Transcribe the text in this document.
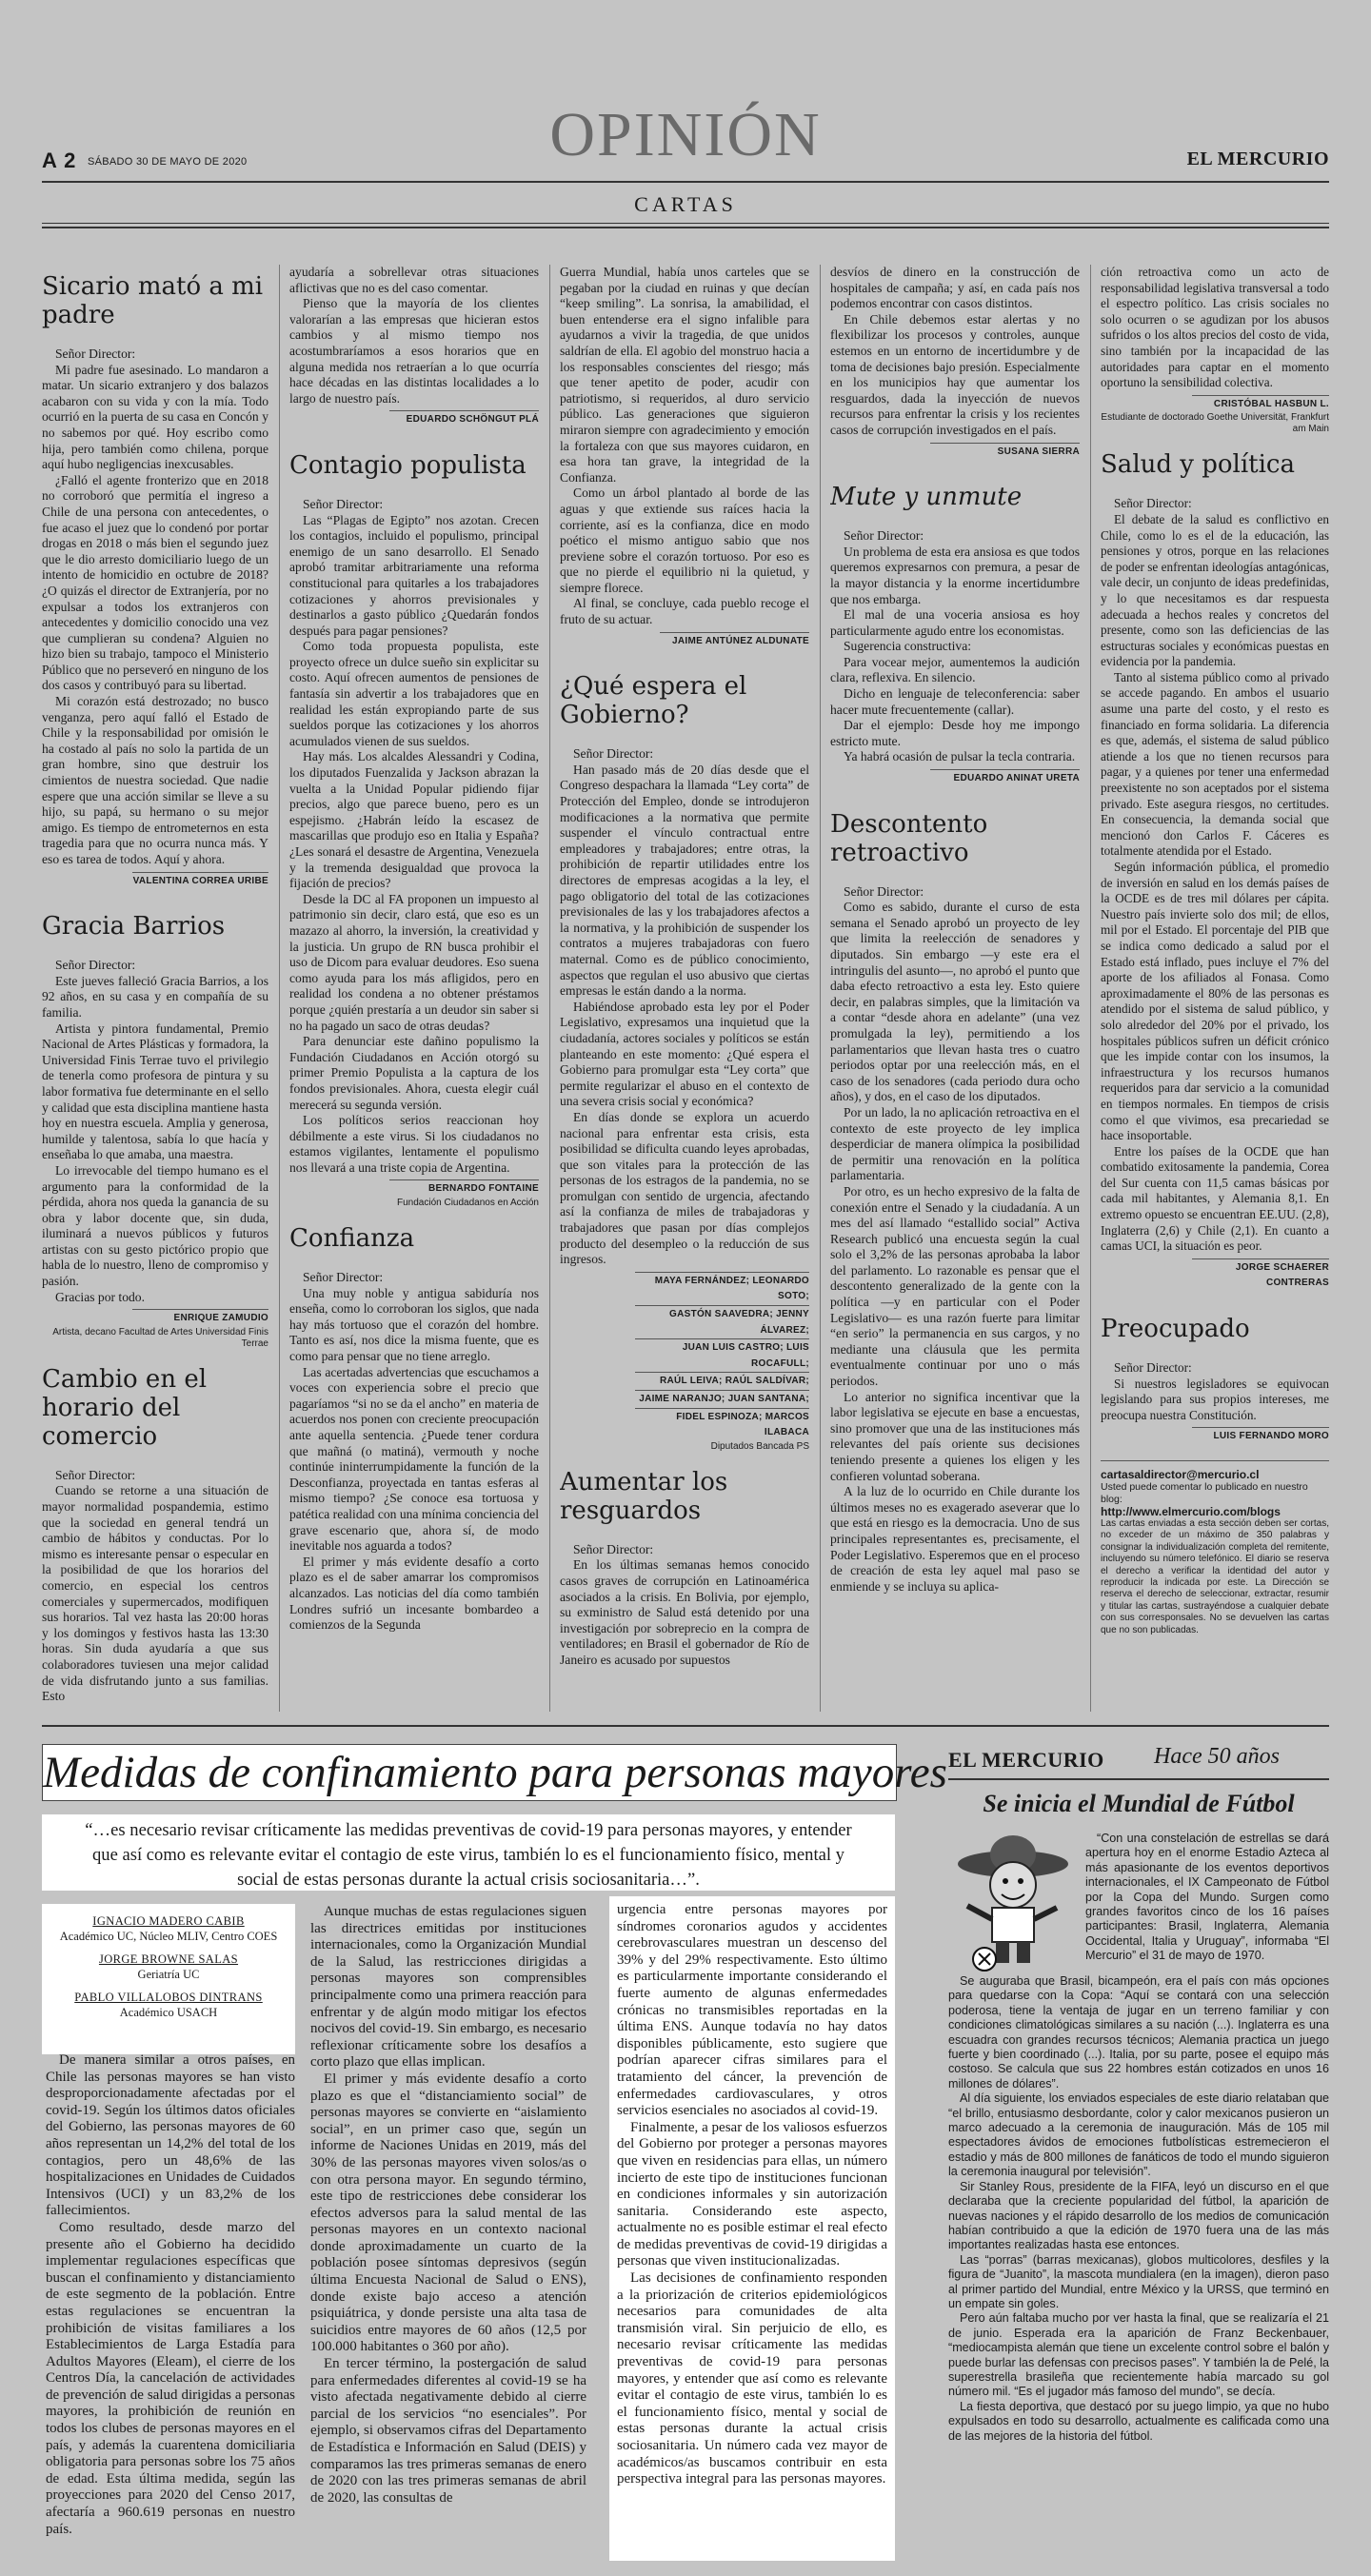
A 2 SÁBADO 30 DE MAYO DE 2020	OPINIÓN	EL MERCURIO
CARTAS
Sicario mató a mi padre

Señor Director:

Mi padre fue asesinado. Lo mandaron a matar. Un sicario extranjero y dos balazos acabaron con su vida y con la mía. Todo ocurrió en la puerta de su casa en Concón y no sabemos por qué. Hoy escribo como hija, pero también como chilena, porque aquí hubo negligencias inexcusables.

¿Falló el agente fronterizo que en 2018 no corroboró que permitía el ingreso a Chile de una persona con antecedentes, o fue acaso el juez que lo condenó por portar drogas en 2018 o más bien el segundo juez que le dio arresto domiciliario luego de un intento de homicidio en octubre de 2018? ¿O quizás el director de Extranjería, por no expulsar a todos los extranjeros con antecedentes y domicilio conocido una vez que cumplieran su condena? Alguien no hizo bien su trabajo, tampoco el Ministerio Público que no perseveró en ninguno de los dos casos y contribuyó para su libertad.

Mi corazón está destrozado; no busco venganza, pero aquí falló el Estado de Chile y la responsabilidad por omisión le ha costado al país no solo la partida de un gran hombre, sino que destruir los cimientos de nuestra sociedad. Que nadie espere que una acción similar se lleve a su hijo, su papá, su hermano o su mejor amigo. Es tiempo de entrometernos en esta tragedia para que no ocurra nunca más. Y eso es tarea de todos. Aquí y ahora.

VALENTINA CORREA URIBE

Gracia Barrios

Señor Director:

Este jueves falleció Gracia Barrios, a los 92 años, en su casa y en compañía de su familia.

Artista y pintora fundamental, Premio Nacional de Artes Plásticas y formadora, la Universidad Finis Terrae tuvo el privilegio de tenerla como profesora de pintura y su labor formativa fue determinante en el sello y calidad que esta disciplina mantiene hasta hoy en nuestra escuela. Amplia y generosa, humilde y talentosa, sabía lo que hacía y enseñaba lo que amaba, una maestra.

Lo irrevocable del tiempo humano es el argumento para la conformidad de la pérdida, ahora nos queda la ganancia de su obra y labor docente que, sin duda, iluminará a nuevos públicos y futuros artistas con su gesto pictórico propio que habla de lo nuestro, lleno de compromiso y pasión.

Gracias por todo.

ENRIQUE ZAMUDIO

Artista, decano Facultad de Artes Universidad Finis Terrae

Cambio en el horario del comercio

Señor Director:

Cuando se retorne a una situación de mayor normalidad pospandemia, estimo que la sociedad en general tendrá un cambio de hábitos y conductas. Por lo mismo es interesante pensar o especular en la posibilidad de que los horarios del comercio, en especial los centros comerciales y supermercados, modifiquen sus horarios. Tal vez hasta las 20:00 horas y los domingos y festivos hasta las 13:30 horas. Sin duda ayudaría a que sus colaboradores tuviesen una mejor calidad de vida disfrutando junto a sus familias. Esto

ayudaría a sobrellevar otras situaciones aflictivas que no es del caso comentar.

Pienso que la mayoría de los clientes valorarían a las empresas que hicieran estos cambios y al mismo tiempo nos acostumbraríamos a esos horarios que en alguna medida nos retraerían a lo que ocurría hace décadas en las distintas localidades a lo largo de nuestro país.

EDUARDO SCHÖNGUT PLÁ

Contagio populista

Señor Director:

Las “Plagas de Egipto” nos azotan. Crecen los contagios, incluido el populismo, principal enemigo de un sano desarrollo. El Senado aprobó tramitar arbitrariamente una reforma constitucional para quitarles a los trabajadores cotizaciones y ahorros previsionales y destinarlos a gasto público ¿Quedarán fondos después para pagar pensiones?

Como toda propuesta populista, este proyecto ofrece un dulce sueño sin explicitar su costo. Aquí ofrecen aumentos de pensiones de fantasía sin advertir a los trabajadores que en realidad les están expropiando parte de sus sueldos porque las cotizaciones y los ahorros acumulados vienen de sus sueldos.

Hay más. Los alcaldes Alessandri y Codina, los diputados Fuenzalida y Jackson abrazan la vuelta a la Unidad Popular pidiendo fijar precios, algo que parece bueno, pero es un espejismo. ¿Habrán leído la escasez de mascarillas que produjo eso en Italia y España? ¿Les sonará el desastre de Argentina, Venezuela y la tremenda desigualdad que provoca la fijación de precios?

Desde la DC al FA proponen un impuesto al patrimonio sin decir, claro está, que eso es un mazazo al ahorro, la inversión, la creatividad y la justicia. Un grupo de RN busca prohibir el uso de Dicom para evaluar deudores. Eso suena como ayuda para los más afligidos, pero en realidad los condena a no obtener préstamos porque ¿quién prestaría a un deudor sin saber si no ha pagado un saco de otras deudas?

Para denunciar este dañino populismo la Fundación Ciudadanos en Acción otorgó su primer Premio Populista a la captura de los fondos previsionales. Ahora, cuesta elegir cuál merecerá su segunda versión.

Los políticos serios reaccionan hoy débilmente a este virus. Si los ciudadanos no estamos vigilantes, lentamente el populismo nos llevará a una triste copia de Argentina.

BERNARDO FONTAINE

Fundación Ciudadanos en Acción

Confianza

Señor Director:

Una muy noble y antigua sabiduría nos enseña, como lo corroboran los siglos, que nada hay más tortuoso que el corazón del hombre. Tanto es así, nos dice la misma fuente, que es como para pensar que no tiene arreglo.

Las acertadas advertencias que escuchamos a voces con experiencia sobre el precio que pagaríamos “si no se da el ancho” en materia de acuerdos nos ponen con creciente preocupación ante aquella sentencia. ¿Puede tener cordura que mañná (o matiná), vermouth y noche continúe ininterrumpidamente la función de la Desconfianza, proyectada en tantas esferas al mismo tiempo? ¿Se conoce esa tortuosa y patética realidad con una mínima conciencia del grave escenario que, ahora sí, de modo inevitable nos aguarda a todos?

El primer y más evidente desafío a corto plazo es el de saber amarrar los compromisos alcanzados. Las noticias del día como también Londres sufrió un incesante bombardeo a comienzos de la Segunda

Guerra Mundial, había unos carteles que se pegaban por la ciudad en ruinas y que decían “keep smiling”. La sonrisa, la amabilidad, el buen entenderse era el signo infalible para ayudarnos a vivir la tragedia, de que unidos saldrían de ella. El agobio del monstruo hacia a los responsables conscientes del riesgo; más que tener apetito de poder, acudir con patriotismo, si requeridos, al duro servicio público. Las generaciones que siguieron miraron siempre con agradecimiento y emoción la fortaleza con que sus mayores cuidaron, en esa hora tan grave, la integridad de la Confianza.

Como un árbol plantado al borde de las aguas y que extiende sus raíces hacia la corriente, así es la confianza, dice en modo poético el mismo antiguo sabio que nos previene sobre el corazón tortuoso. Por eso es que no pierde el equilibrio ni la quietud, y siempre florece.

Al final, se concluye, cada pueblo recoge el fruto de su actuar.

JAIME ANTÚNEZ ALDUNATE

¿Qué espera el Gobierno?

Señor Director:

Han pasado más de 20 días desde que el Congreso despachara la llamada “Ley corta” de Protección del Empleo, donde se introdujeron modificaciones a la normativa que permite suspender el vínculo contractual entre empleadores y trabajadores; entre otras, la prohibición de repartir utilidades entre los directores de empresas acogidas a la ley, el pago obligatorio del total de las cotizaciones previsionales de las y los trabajadores afectos a la normativa, y la prohibición de suspender los contratos a mujeres trabajadoras con fuero maternal. Como es de público conocimiento, aspectos que regulan el uso abusivo que ciertas empresas le están dando a la norma.

Habiéndose aprobado esta ley por el Poder Legislativo, expresamos una inquietud que la ciudadanía, actores sociales y políticos se están planteando en este momento: ¿Qué espera el Gobierno para promulgar esta “Ley corta” que permite regularizar el abuso en el contexto de una severa crisis social y económica?

En días donde se explora un acuerdo nacional para enfrentar esta crisis, esta posibilidad se dificulta cuando leyes aprobadas, que son vitales para la protección de las personas de los estragos de la pandemia, no se promulgan con sentido de urgencia, afectando así la confianza de miles de trabajadoras y trabajadores que pasan por días complejos producto del desempleo o la reducción de sus ingresos.

MAYA FERNÁNDEZ; LEONARDO SOTO;

GASTÓN SAAVEDRA; JENNY ÁLVAREZ;

JUAN LUIS CASTRO; LUIS ROCAFULL;

RAÚL LEIVA; RAÚL SALDÍVAR;

JAIME NARANJO; JUAN SANTANA;

FIDEL ESPINOZA; MARCOS ILABACA

Diputados Bancada PS

Aumentar los resguardos

Señor Director:

En los últimas semanas hemos conocido casos graves de corrupción en Latinoamérica asociados a la crisis. En Bolivia, por ejemplo, su exministro de Salud está detenido por una investigación por sobreprecio en la compra de ventiladores; en Brasil el gobernador de Río de Janeiro es acusado por supuestos

desvíos de dinero en la construcción de hospitales de campaña; y así, en cada país nos podemos encontrar con casos distintos.

En Chile debemos estar alertas y no flexibilizar los procesos y controles, aunque estemos en un entorno de incertidumbre y de toma de decisiones bajo presión. Especialmente en los municipios hay que aumentar los resguardos, dada la inyección de nuevos recursos para enfrentar la crisis y los recientes casos de corrupción investigados en el país.

SUSANA SIERRA

Mute y unmute

Señor Director:

Un problema de esta era ansiosa es que todos queremos expresarnos con premura, a pesar de la mayor distancia y la enorme incertidumbre que nos embarga.

El mal de una voceria ansiosa es hoy particularmente agudo entre los economistas.

Sugerencia constructiva:

Para vocear mejor, aumentemos la audición clara, reflexiva. En silencio.

Dicho en lenguaje de teleconferencia: saber hacer mute frecuentemente (callar).

Dar el ejemplo: Desde hoy me impongo estricto mute.

Ya habrá ocasión de pulsar la tecla contraria.

EDUARDO ANINAT URETA

Descontento retroactivo

Señor Director:

Como es sabido, durante el curso de esta semana el Senado aprobó un proyecto de ley que limita la reelección de senadores y diputados. Sin embargo —y este era el intringulis del asunto—, no aprobó el punto que daba efecto retroactivo a esta ley. Esto quiere decir, en palabras simples, que la limitación va a contar “desde ahora en adelante” (una vez promulgada la ley), permitiendo a los parlamentarios que llevan hasta tres o cuatro periodos optar por una reelección más, en el caso de los senadores (cada periodo dura ocho años), y dos, en el caso de los diputados.

Por un lado, la no aplicación retroactiva en el contexto de este proyecto de ley implica desperdiciar de manera olímpica la posibilidad de permitir una renovación en la política parlamentaria.

Por otro, es un hecho expresivo de la falta de conexión entre el Senado y la ciudadanía. A un mes del así llamado “estallido social” Activa Research publicó una encuesta según la cual solo el 3,2% de las personas aprobaba la labor del parlamento. Lo razonable es pensar que el descontento generalizado de la gente con la política —y en particular con el Poder Legislativo— es una razón fuerte para limitar “en serio” la permanencia en sus cargos, y no mediante una cláusula que les permita eventualmente continuar por uno o más periodos.

Lo anterior no significa incentivar que la labor legislativa se ejecute en base a encuestas, sino promover que una de las instituciones más relevantes del país oriente sus decisiones teniendo presente a quienes los eligen y les confieren voluntad soberana.

A la luz de lo ocurrido en Chile durante los últimos meses no es exagerado aseverar que lo que está en riesgo es la democracia. Uno de sus principales representantes es, precisamente, el Poder Legislativo. Esperemos que en el proceso de creación de esta ley aquel mal paso se enmiende y se incluya su aplica-

ción retroactiva como un acto de responsabilidad legislativa transversal a todo el espectro político. Las crisis sociales no solo ocurren o se agudizan por los abusos sufridos o los altos precios del costo de vida, sino también por la incapacidad de las autoridades para captar en el momento oportuno la sensibilidad colectiva.

CRISTÓBAL HASBUN L.

Estudiante de doctorado Goethe Universität, Frankfurt am Main

Salud y política

Señor Director:

El debate de la salud es conflictivo en Chile, como lo es el de la educación, las pensiones y otros, porque en las relaciones de poder se enfrentan ideologías antagónicas, vale decir, un conjunto de ideas predefinidas, y lo que necesitamos es dar respuesta adecuada a hechos reales y concretos del presente, como son las deficiencias de las estructuras sociales y económicas puestas en evidencia por la pandemia.

Tanto al sistema público como al privado se accede pagando. En ambos el usuario asume una parte del costo, y el resto es financiado en forma solidaria. La diferencia es que, además, el sistema de salud público atiende a los que no tienen recursos para pagar, y a quienes por tener una enfermedad preexistente no son aceptados por el sistema privado. Este asegura riesgos, no certitudes. En consecuencia, la demanda social que mencionó don Carlos F. Cáceres es totalmente atendida por el Estado.

Según información pública, el promedio de inversión en salud en los demás países de la OCDE es de tres mil dólares per cápita. Nuestro país invierte solo dos mil; de ellos, mil por el Estado. El porcentaje del PIB que se indica como dedicado a salud por el Estado está inflado, pues incluye el 7% del aporte de los afiliados al Fonasa. Como aproximadamente el 80% de las personas es atendido por el sistema de salud público, y solo alrededor del 20% por el privado, los hospitales públicos sufren un déficit crónico que les impide contar con los insumos, la infraestructura y los recursos humanos requeridos para dar servicio a la comunidad en tiempos normales. En tiempos de crisis como el que vivimos, esa precariedad se hace insoportable.

Entre los países de la OCDE que han combatido exitosamente la pandemia, Corea del Sur cuenta con 11,5 camas básicas por cada mil habitantes, y Alemania 8,1. En extremo opuesto se encuentran EE.UU. (2,8), Inglaterra (2,6) y Chile (2,1). En cuanto a camas UCI, la situación es peor.

JORGE SCHAERER CONTRERAS

Preocupado

Señor Director:

Si nuestros legisladores se equivocan legislando para sus propios intereses, me preocupa nuestra Constitución.

LUIS FERNANDO MORO

cartasaldirector@mercurio.cl
Usted puede comentar lo publicado en nuestro blog:
http://www.elmercurio.com/blogs
Las cartas enviadas a esta sección deben ser cortas, no exceder de un máximo de 350 palabras y consignar la individualización completa del remitente, incluyendo su número telefónico. El diario se reserva el derecho a verificar la identidad del autor y reproducir la indicada por este. La Dirección se reserva el derecho de seleccionar, extractar, resumir y titular las cartas, sustrayéndose a cualquier debate con sus corresponsales. No se devuelven las cartas que no son publicadas.
Medidas de confinamiento para personas mayores
“…es necesario revisar críticamente las medidas preventivas de covid-19 para personas mayores, y entender que así como es relevante evitar el contagio de este virus, también lo es el funcionamiento físico, mental y social de estas personas durante la actual crisis sociosanitaria…”.
IGNACIO MADERO CABIB
Académico UC, Núcleo MLIV, Centro COES
JORGE BROWNE SALAS
Geriatría UC
PABLO VILLALOBOS DINTRANS
Académico USACH

De manera similar a otros países, en Chile las personas mayores se han visto desproporcionadamente afectadas por el covid-19. Según los últimos datos oficiales del Gobierno, las personas mayores de 60 años representan un 14,2% del total de los contagios, pero un 48,6% de las hospitalizaciones en Unidades de Cuidados Intensivos (UCI) y un 83,2% de los fallecimientos.

Como resultado, desde marzo del presente año el Gobierno ha decidido implementar regulaciones específicas que buscan el confinamiento y distanciamiento de este segmento de la población. Entre estas regulaciones se encuentran la prohibición de visitas familiares a los Establecimientos de Larga Estadía para Adultos Mayores (Eleam), el cierre de los Centros Día, la cancelación de actividades de prevención de salud dirigidas a personas mayores, la prohibición de reunión en todos los clubes de personas mayores en el país, y además la cuarentena domiciliaria obligatoria para personas sobre los 75 años de edad. Esta última medida, según las proyecciones para 2020 del Censo 2017, afectaría a 960.619 personas en nuestro país.

Aunque muchas de estas regulaciones siguen las directrices emitidas por instituciones internacionales, como la Organización Mundial de la Salud, las restricciones dirigidas a personas mayores son comprensibles principalmente como una primera reacción para enfrentar y de algún modo mitigar los efectos nocivos del covid-19. Sin embargo, es necesario reflexionar críticamente sobre los desafíos a corto plazo que ellas implican.

El primer y más evidente desafío a corto plazo es que el “distanciamiento social” de personas mayores se convierte en “aislamiento social”, en un primer caso que, según un informe de Naciones Unidas en 2019, más del 30% de las personas mayores viven solos/as o con otra persona mayor. En segundo término, este tipo de restricciones debe considerar los efectos adversos para la salud mental de las personas mayores en un contexto nacional donde aproximadamente un cuarto de la población posee síntomas depresivos (según última Encuesta Nacional de Salud o ENS), donde existe bajo acceso a atención psiquiátrica, y donde persiste una alta tasa de suicidios entre mayores de 60 años (12,5 por 100.000 habitantes o 360 por año).

En tercer término, la postergación de salud para enfermedades diferentes al covid-19 se ha visto afectada negativamente debido al cierre parcial de los servicios “no esenciales”. Por ejemplo, si observamos cifras del Departamento de Estadística e Información en Salud (DEIS) y comparamos las tres primeras semanas de enero de 2020 con las tres primeras semanas de abril de 2020, las consultas de

urgencia entre personas mayores por síndromes coronarios agudos y accidentes cerebrovasculares muestran un descenso del 39% y del 29% respectivamente. Esto último es particularmente importante considerando el fuerte aumento de algunas enfermedades crónicas no transmisibles reportadas en la última ENS. Aunque todavía no hay datos disponibles públicamente, esto sugiere que podrían aparecer cifras similares para el tratamiento del cáncer, la prevención de enfermedades cardiovasculares, y otros servicios esenciales no asociados al covid-19.

Finalmente, a pesar de los valiosos esfuerzos del Gobierno por proteger a personas mayores que viven en residencias para ellas, un número incierto de este tipo de instituciones funcionan en condiciones informales y sin autorización sanitaria. Considerando este aspecto, actualmente no es posible estimar el real efecto de medidas preventivas de covid-19 dirigidas a personas que viven institucionalizadas.

Las decisiones de confinamiento responden a la priorización de criterios epidemiológicos necesarios para comunidades de alta transmisión viral. Sin perjuicio de ello, es necesario revisar críticamente las medidas preventivas de covid-19 para personas mayores, y entender que así como es relevante evitar el contagio de este virus, también lo es el funcionamiento físico, mental y social de estas personas durante la actual crisis sociosanitaria. Un número cada vez mayor de académicos/as buscamos contribuir en esta perspectiva integral para las personas mayores.

EL MERCURIO Hace 50 años
Se inicia el Mundial de Fútbol

“Con una constelación de estrellas se dará apertura hoy en el enorme Estadio Azteca al más apasionante de los eventos deportivos internacionales, el IX Campeonato de Fútbol por la Copa del Mundo. Surgen como grandes favoritos cinco de los 16 países participantes: Brasil, Inglaterra, Alemania Occidental, Italia y Uruguay”, informaba “El Mercurio” el 31 de mayo de 1970.

Se auguraba que Brasil, bicampeón, era el país con más opciones para quedarse con la Copa: “Aquí se contará con una selección poderosa, tiene la ventaja de jugar en un terreno familiar y con condiciones climatológicas similares a su nación (...). Inglaterra es una escuadra con grandes recursos técnicos; Alemania practica un juego fuerte y bien coordinado (...). Italia, por su parte, posee el equipo más costoso. Se calcula que sus 22 hombres están cotizados en unos 16 millones de dólares”.

Al día siguiente, los enviados especiales de este diario relataban que “el brillo, entusiasmo desbordante, color y calor mexicanos pusieron un marco adecuado a la ceremonia de inauguración. Más de 105 mil espectadores ávidos de emociones futbolísticas estremecieron el estadio y más de 800 millones de fanáticos de todo el mundo siguieron la ceremonia inaugural por televisión”.

Sir Stanley Rous, presidente de la FIFA, leyó un discurso en el que declaraba que la creciente popularidad del fútbol, la aparición de nuevas naciones y el rápido desarrollo de los medios de comunicación habían contribuido a que la edición de 1970 fuera una de las más importantes realizadas hasta ese entonces.

Las “porras” (barras mexicanas), globos multicolores, desfiles y la figura de “Juanito”, la mascota mundialera (en la imagen), dieron paso al primer partido del Mundial, entre México y la URSS, que terminó en un empate sin goles.

Pero aún faltaba mucho por ver hasta la final, que se realizaría el 21 de junio. Esperada era la aparición de Franz Beckenbauer, “mediocampista alemán que tiene un excelente control sobre el balón y puede burlar las defensas con precisos pases”. Y también la de Pelé, la superestrella brasileña que recientemente había marcado su gol número mil. “Es el jugador más famoso del mundo”, se decía.

La fiesta deportiva, que destacó por su juego limpio, ya que no hubo expulsados en todo su desarrollo, actualmente es calificada como una de las mejores de la historia del fútbol.
